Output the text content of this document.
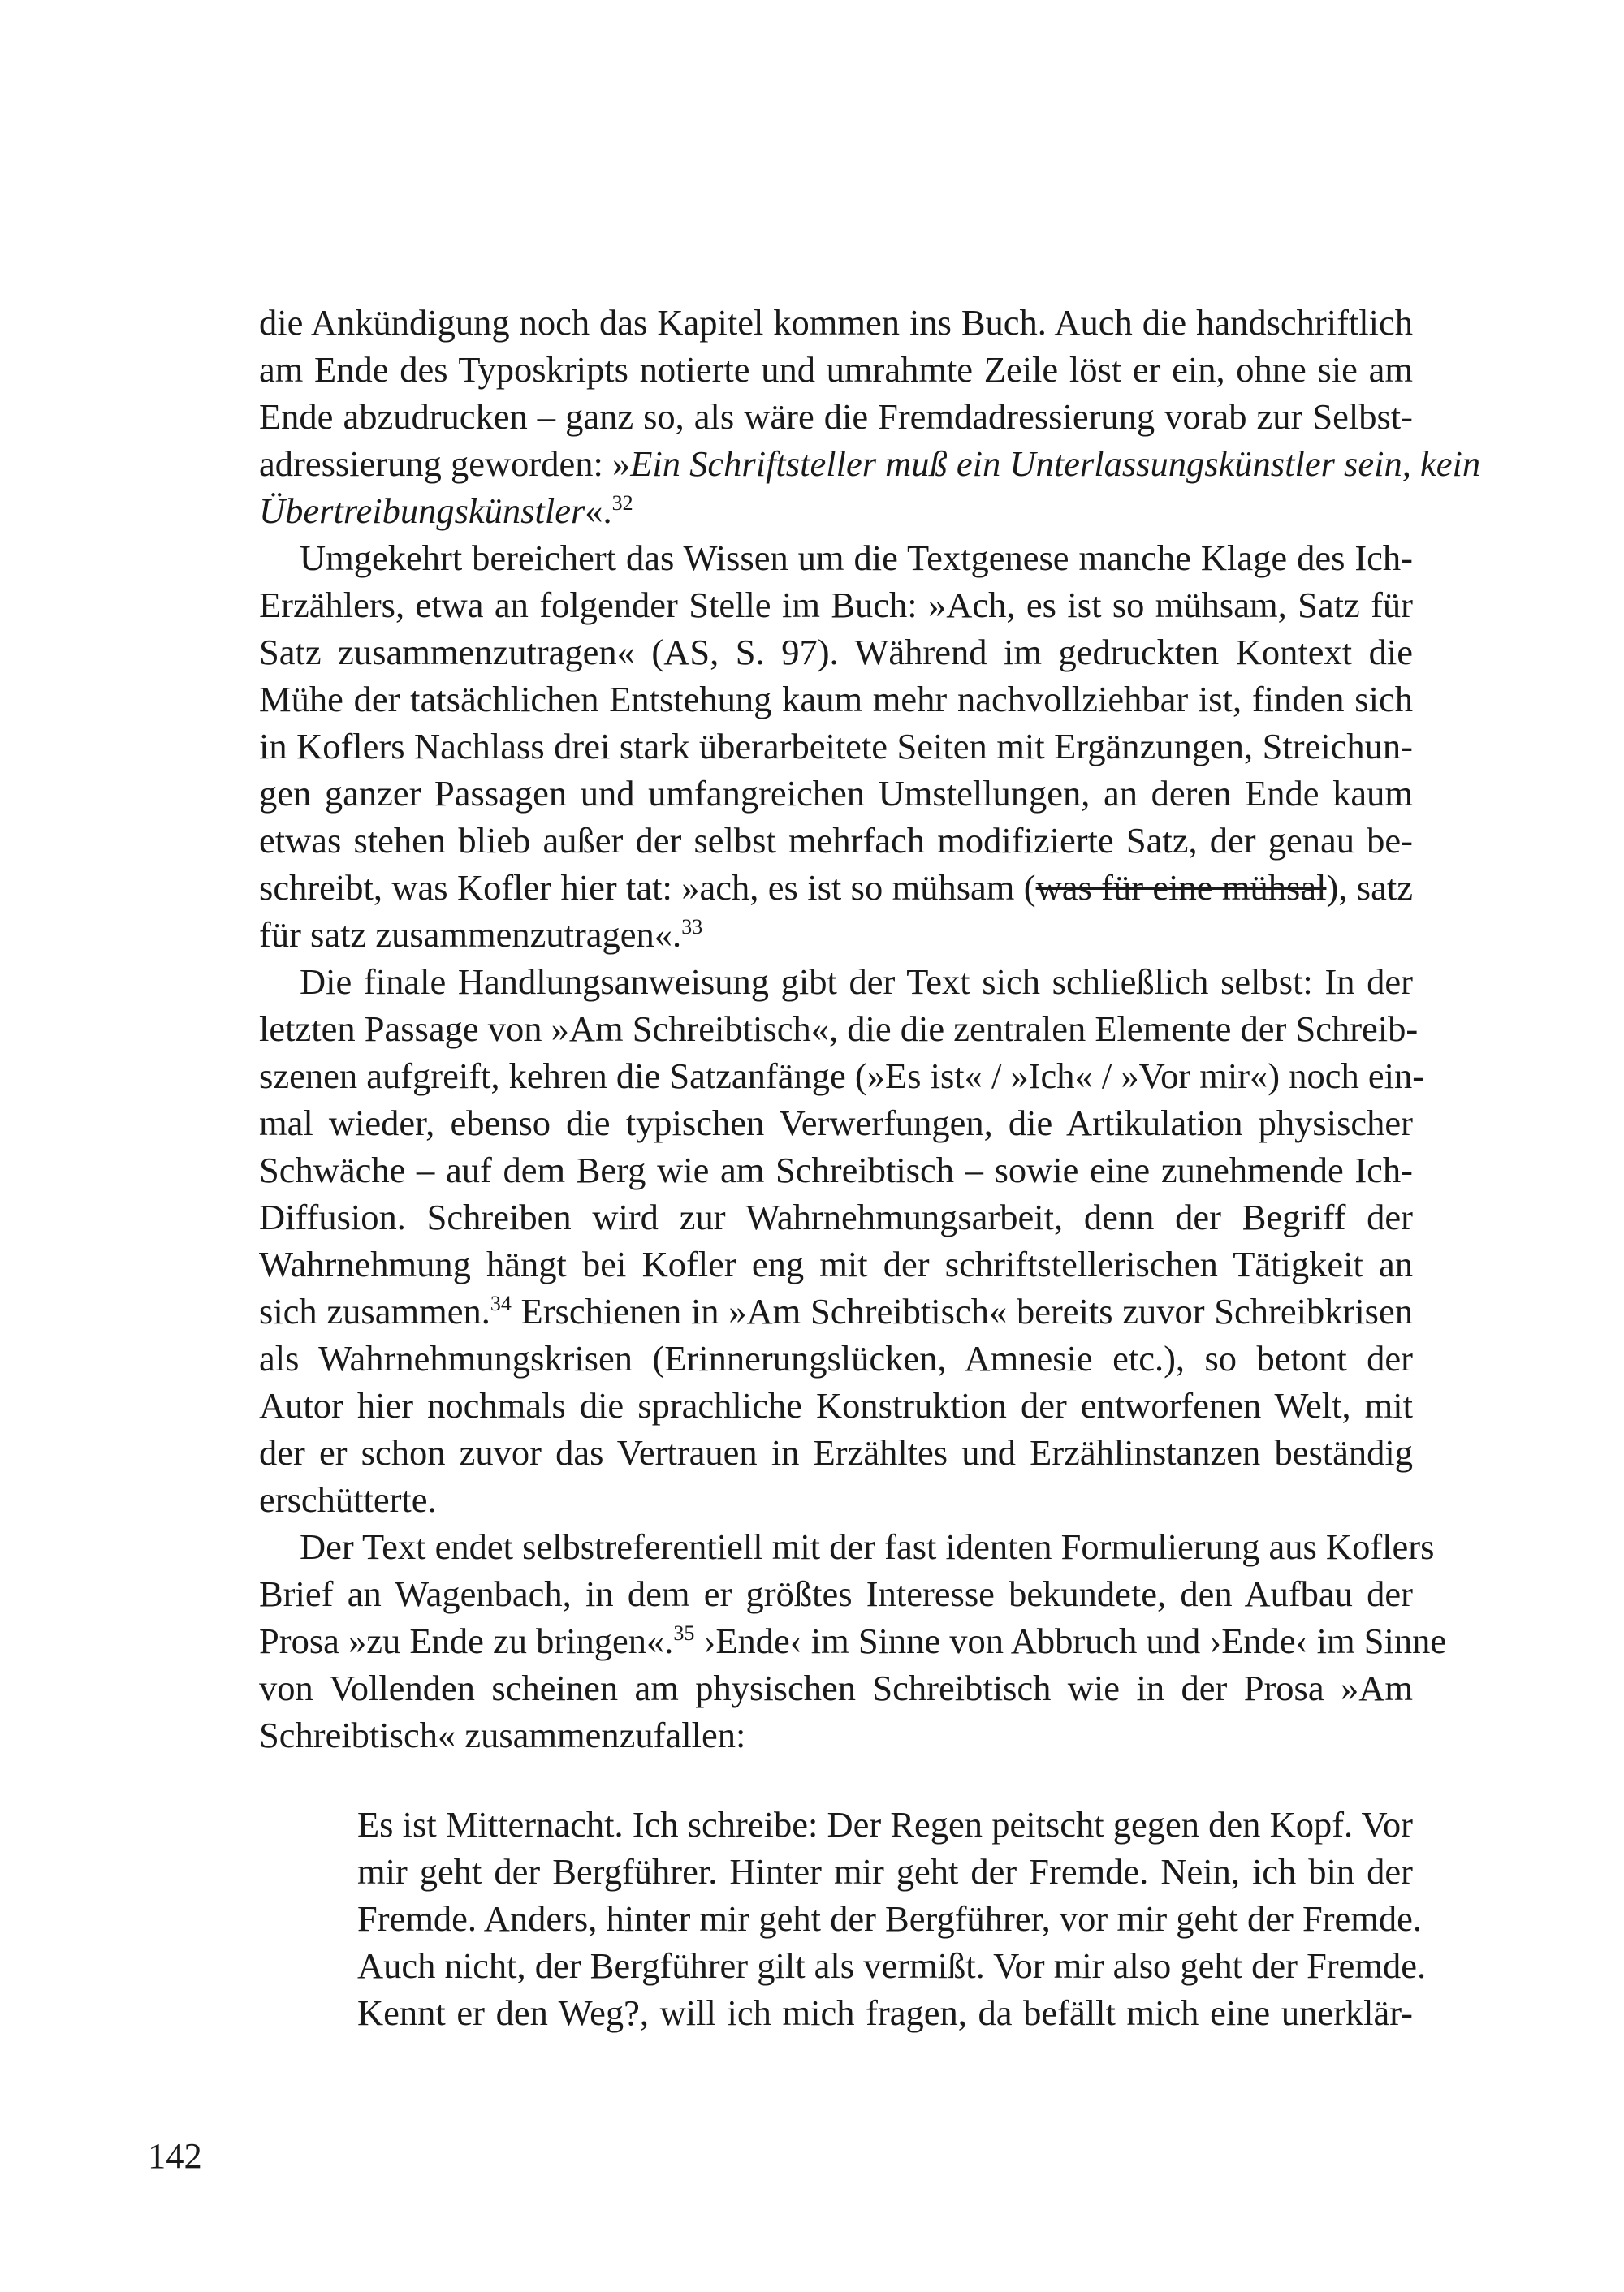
die Ankündigung noch das Kapitel kommen ins Buch. Auch die handschriftlich
am Ende des Typoskripts notierte und umrahmte Zeile löst er ein, ohne sie am
Ende abzudrucken – ganz so, als wäre die Fremdadressierung vorab zur Selbst-
adressierung geworden: »Ein Schriftsteller muß ein Unterlassungskünstler sein, kein
Übertreibungskünstler«.$^{32}$
Umgekehrt bereichert das Wissen um die Textgenese manche Klage des Ich-
Erzählers, etwa an folgender Stelle im Buch: »Ach, es ist so mühsam, Satz für
Satz zusammenzutragen« (AS, S. 97). Während im gedruckten Kontext die
Mühe der tatsächlichen Entstehung kaum mehr nachvollziehbar ist, finden sich
in Koflers Nachlass drei stark überarbeitete Seiten mit Ergänzungen, Streichun-
gen ganzer Passagen und umfangreichen Umstellungen, an deren Ende kaum
etwas stehen blieb außer der selbst mehrfach modifizierte Satz, der genau be-
schreibt, was Kofler hier tat: »ach, es ist so mühsam (was für eine mühsal), satz
für satz zusammenzutragen«.$^{33}$
Die finale Handlungsanweisung gibt der Text sich schließlich selbst: In der
letzten Passage von »Am Schreibtisch«, die die zentralen Elemente der Schreib-
szenen aufgreift, kehren die Satzanfänge (»Es ist« / »Ich« / »Vor mir«) noch ein-
mal wieder, ebenso die typischen Verwerfungen, die Artikulation physischer
Schwäche – auf dem Berg wie am Schreibtisch – sowie eine zunehmende Ich-
Diffusion. Schreiben wird zur Wahrnehmungsarbeit, denn der Begriff der
Wahrnehmung hängt bei Kofler eng mit der schriftstellerischen Tätigkeit an
sich zusammen.$^{34}$ Erschienen in »Am Schreibtisch« bereits zuvor Schreibkrisen
als Wahrnehmungskrisen (Erinnerungslücken, Amnesie etc.), so betont der
Autor hier nochmals die sprachliche Konstruktion der entworfenen Welt, mit
der er schon zuvor das Vertrauen in Erzähltes und Erzählinstanzen beständig
erschütterte.
Der Text endet selbstreferentiell mit der fast identen Formulierung aus Koflers
Brief an Wagenbach, in dem er größtes Interesse bekundete, den Aufbau der
Prosa »zu Ende zu bringen«.$^{35}$ ›Ende‹ im Sinne von Abbruch und ›Ende‹ im Sinne
von Vollenden scheinen am physischen Schreibtisch wie in der Prosa »Am
Schreibtisch« zusammenzufallen:
Es ist Mitternacht. Ich schreibe: Der Regen peitscht gegen den Kopf. Vor
mir geht der Bergführer. Hinter mir geht der Fremde. Nein, ich bin der
Fremde. Anders, hinter mir geht der Bergführer, vor mir geht der Fremde.
Auch nicht, der Bergführer gilt als vermißt. Vor mir also geht der Fremde.
Kennt er den Weg?, will ich mich fragen, da befällt mich eine unerklär-
142
